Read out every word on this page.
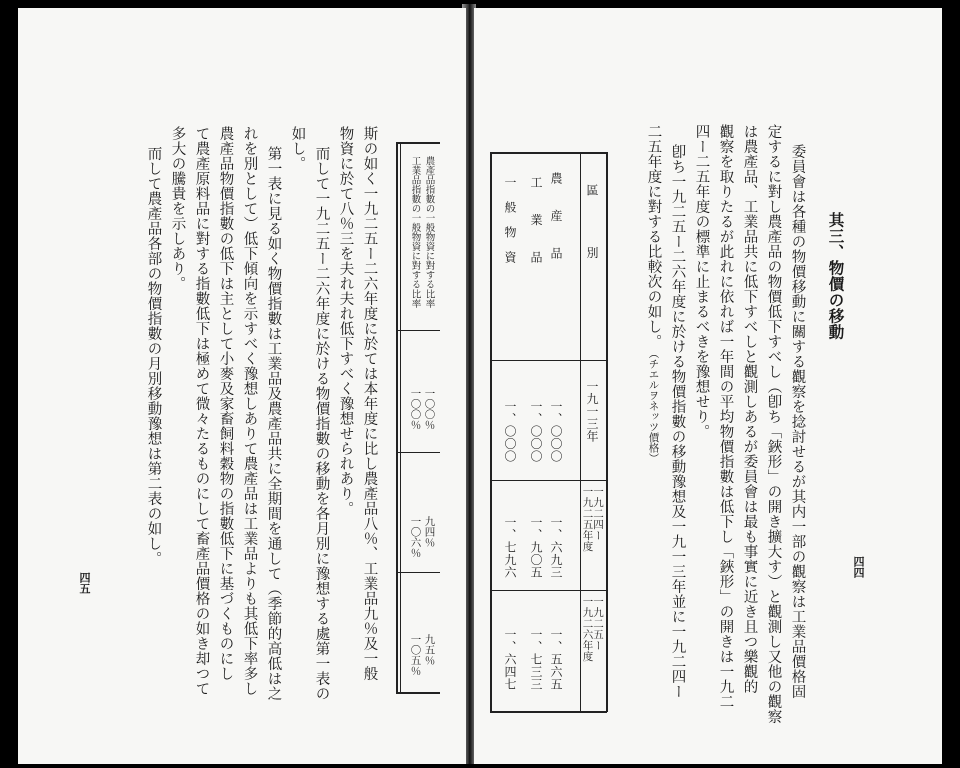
四四
其三、物價の移動
委員會は各種の物價移動に關する觀察を捻討せるが其内一部の觀察は工業品價格固
定するに對し農產品の物價低下すべし（卽ち「鋏形」の開き擴大す）と觀測し又他の觀察
は農產品、工業品共に低下すべしと觀測しあるが委員會は最も事實に近き且つ樂觀的
觀察を取りたるが此れに依れば一年間の平均物價指數は低下し「鋏形」の開きは一九二
四ー二五年度の標準に止まるべきを豫想せり。
卽ち一九二五ー二六年度に於ける物價指數の移動豫想及一九一三年並に一九二四ー
二五年度に對する比較次の如し。
（チエルヲネッツ價格）
區　　　　別
農　　産　　品
工　　業　　品
一　般　物　資
一九一三年
一、〇〇〇
一、〇〇〇
一、〇〇〇
一九二四ー
一九二五年度
一、六九三
一、九〇五
一、七九六
一九二五ー
一九二六年度
一、五六五
一、七三三
一、六四七
四五
農產品指數の一般物資に對する比率
工業品指數の一般物資に對する比率
一〇〇％
一〇〇％
九四％
一〇六％
九五％
一〇五％
斯の如く一九二五ー二六年度に於ては本年度に比し農產品八％、工業品九％及一般
物資に於て八％三を夫れ夫れ低下すべく豫想せられあり。
而して一九二五ー二六年度に於ける物價指數の移動を各月別に豫想する處第一表の
如し。
第一表に見る如く物價指數は工業品及農產品共に全期間を通して（季節的高低は之
れを別として）低下傾向を示すべく豫想しありて農產品は工業品よりも其低下率多し
農產品物價指數の低下は主として小麥及家畜飼料穀物の指數低下に基づくものにし
て農產原料品に對する指數低下は極めて微々たるものにして畜產品價格の如き却つて
多大の騰貴を示しあり。
而して農產品各部の物價指數の月別移動豫想は第二表の如し。
